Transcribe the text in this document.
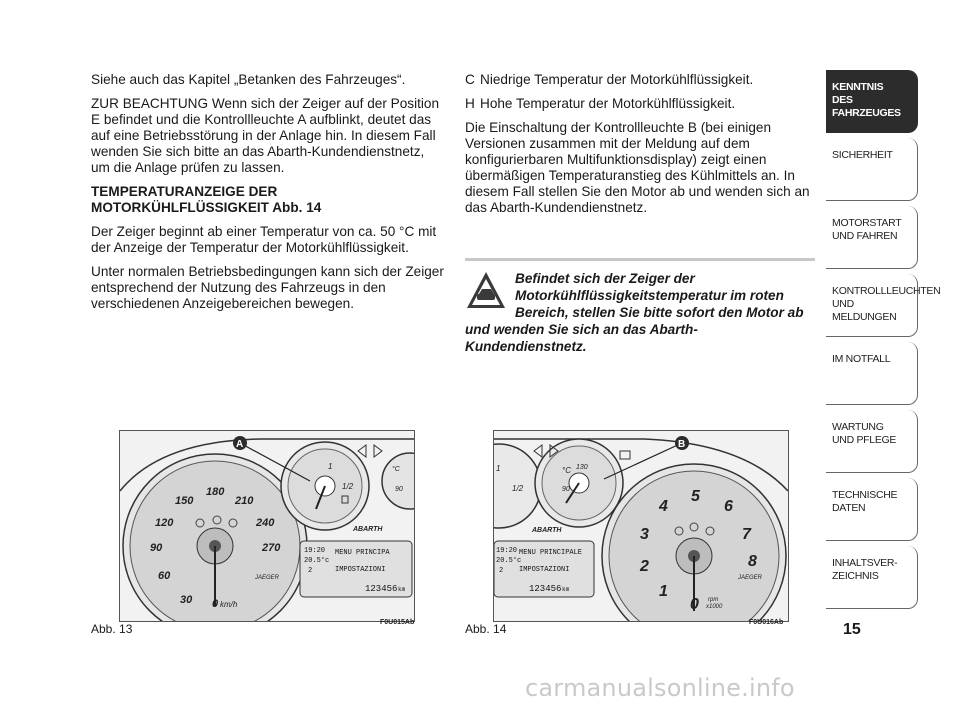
Siehe auch das Kapitel „Betanken des Fahrzeuges“.

ZUR BEACHTUNG Wenn sich der Zeiger auf der Position E befindet und die Kontrollleuchte A aufblinkt, deutet das auf eine Betriebsstörung in der Anlage hin. In diesem Fall wenden Sie sich bitte an das Abarth-Kundendienstnetz, um die Anlage prüfen zu lassen.

TEMPERATURANZEIGE DER MOTORKÜHLFLÜSSIGKEIT Abb. 14

Der Zeiger beginnt ab einer Temperatur von ca. 50 °C mit der Anzeige der Temperatur der Motorkühlflüssigkeit.

Unter normalen Betriebsbedingungen kann sich der Zeiger entsprechend der Nutzung des Fahrzeugs in den verschiedenen Anzeigebereichen bewegen.

C Niedrige Temperatur der Motorkühlflüssigkeit.

H Hohe Temperatur der Motorkühlflüssigkeit.

Die Einschaltung der Kontrollleuchte B (bei einigen Versionen zusammen mit der Meldung auf dem konfigurierbaren Multifunktionsdisplay) zeigt einen übermäßigen Temperaturanstieg des Kühlmittels an. In diesem Fall stellen Sie den Motor ab und wenden sich an das Abarth-Kundendienstnetz.

Befindet sich der Zeiger der Motorkühlflüssigkeitstemperatur im roten Bereich, stellen Sie bitte sofort den Motor ab und wenden Sie sich an das Abarth-Kundendienstnetz.
KENNTNIS
DES FAHRZEUGES
SICHERHEIT
MOTORSTART
UND FAHREN
KONTROLLLEUCHTEN
UND MELDUNGEN
IM NOTFALL
WARTUNG
UND PFLEGE
TECHNISCHE DATEN
INHALTSVER-
ZEICHNIS
15
0
30
60
90
120
150
180
210
240
270
km/h
JAEGER
1
1/2
°C
90
A
ABARTH
19:20
20.5°c
2
MENU PRINCIPA
IMPOSTAZIONI
123456 km
F0U015Ab
Abb. 13
1
1/2
°C 130
90
0
1
2
3
4
5
6
7
8
rpm
x1000
JAEGER
B
ABARTH
19:20
20.5°c
2
MENU PRINCIPALE
IMPOSTAZIONI
123456 km
F0U016Ab
Abb. 14
carmanualsonline.info
